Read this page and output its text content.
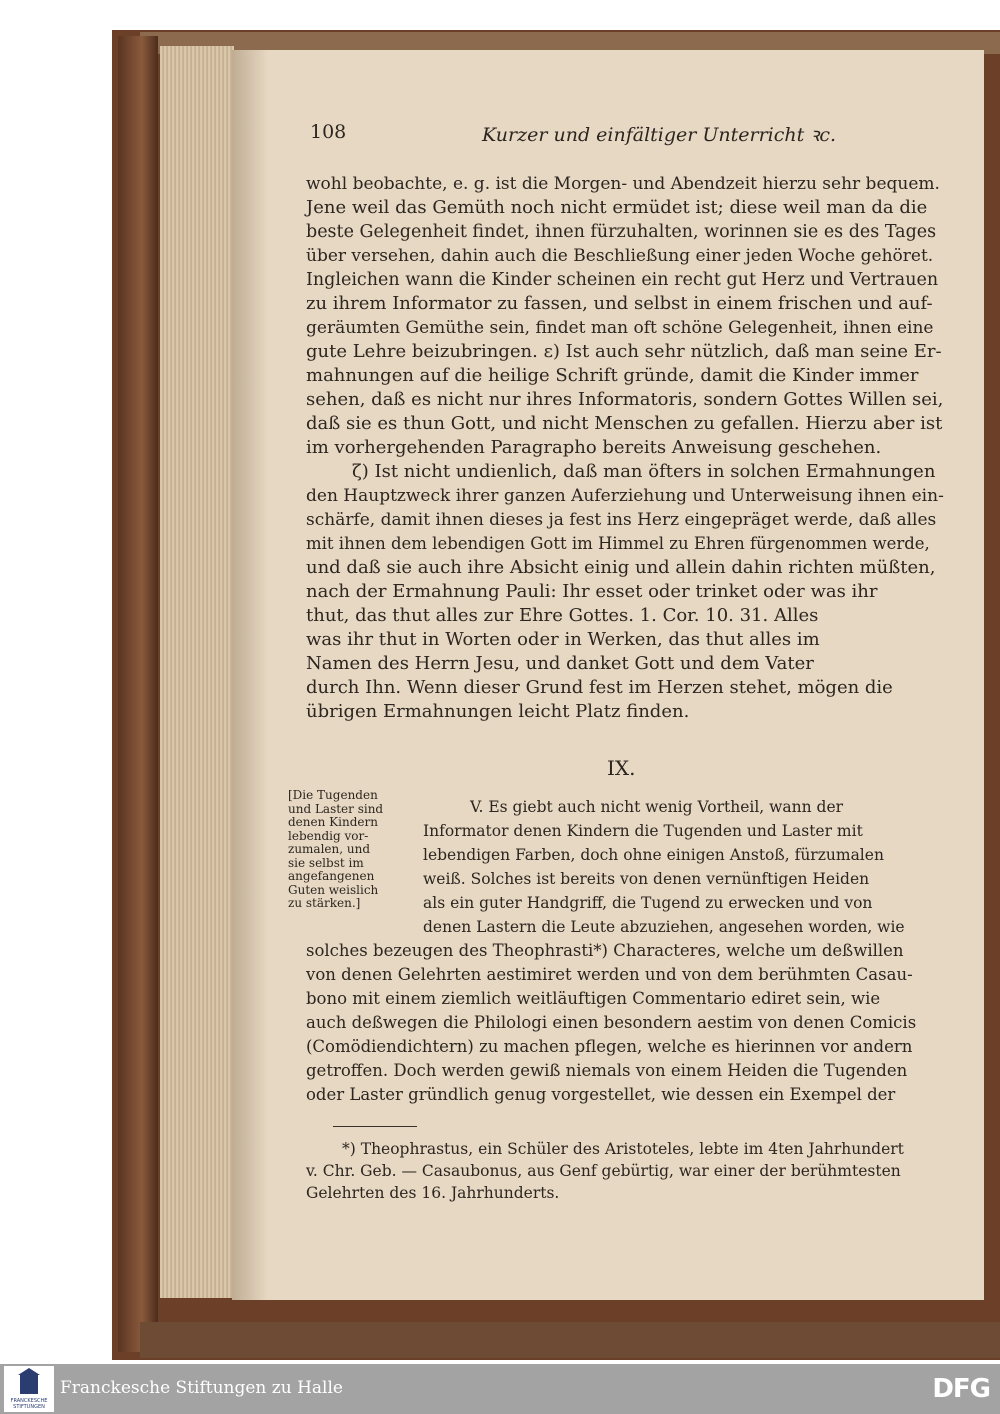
108	Kurzer und einfältiger Unterricht ꝛc.
wohl beobachte, e. g. ist die Morgen- und Abendzeit hierzu sehr bequem.
Jene weil das Gemüth noch nicht ermüdet ist; diese weil man da die
beste Gelegenheit findet, ihnen fürzuhalten, worinnen sie es des Tages
über versehen, dahin auch die Beschließung einer jeden Woche gehöret.
Ingleichen wann die Kinder scheinen ein recht gut Herz und Vertrauen
zu ihrem Informator zu fassen, und selbst in einem frischen und auf-
geräumten Gemüthe sein, findet man oft schöne Gelegenheit, ihnen eine
gute Lehre beizubringen. ε) Ist auch sehr nützlich, daß man seine Er-
mahnungen auf die heilige Schrift gründe, damit die Kinder immer
sehen, daß es nicht nur ihres Informatoris, sondern Gottes Willen sei,
daß sie es thun Gott, und nicht Menschen zu gefallen. Hierzu aber ist
im vorhergehenden Paragrapho bereits Anweisung geschehen.
ζ) Ist nicht undienlich, daß man öfters in solchen Ermahnungen
den Hauptzweck ihrer ganzen Auferziehung und Unterweisung ihnen ein-
schärfe, damit ihnen dieses ja fest ins Herz eingepräget werde, daß alles
mit ihnen dem lebendigen Gott im Himmel zu Ehren fürgenommen werde,
und daß sie auch ihre Absicht einig und allein dahin richten müßten,
nach der Ermahnung Pauli: Ihr esset oder trinket oder was ihr
thut, das thut alles zur Ehre Gottes. 1. Cor. 10. 31. Alles
was ihr thut in Worten oder in Werken, das thut alles im
Namen des Herrn Jesu, und danket Gott und dem Vater
durch Ihn. Wenn dieser Grund fest im Herzen stehet, mögen die
übrigen Ermahnungen leicht Platz finden.
IX.
[Die Tugenden
und Laster sind
denen Kindern
lebendig vor-
zumalen, und
sie selbst im
angefangenen
Guten weislich
zu stärken.]
V. Es giebt auch nicht wenig Vortheil, wann der
Informator denen Kindern die Tugenden und Laster mit
lebendigen Farben, doch ohne einigen Anstoß, fürzumalen
weiß. Solches ist bereits von denen vernünftigen Heiden
als ein guter Handgriff, die Tugend zu erwecken und von
denen Lastern die Leute abzuziehen, angesehen worden, wie
solches bezeugen des Theophrasti*) Characteres, welche um deßwillen
von denen Gelehrten aestimiret werden und von dem berühmten Casau-
bono mit einem ziemlich weitläuftigen Commentario ediret sein, wie
auch deßwegen die Philologi einen besondern aestim von denen Comicis
(Comödiendichtern) zu machen pflegen, welche es hierinnen vor andern
getroffen. Doch werden gewiß niemals von einem Heiden die Tugenden
oder Laster gründlich genug vorgestellet, wie dessen ein Exempel der
*) Theophrastus, ein Schüler des Aristoteles, lebte im 4ten Jahrhundert
v. Chr. Geb. — Casaubonus, aus Genf gebürtig, war einer der berühmtesten
Gelehrten des 16. Jahrhunderts.
FRANCKESCHE STIFTUNGEN
Franckesche Stiftungen zu Halle	DFG
